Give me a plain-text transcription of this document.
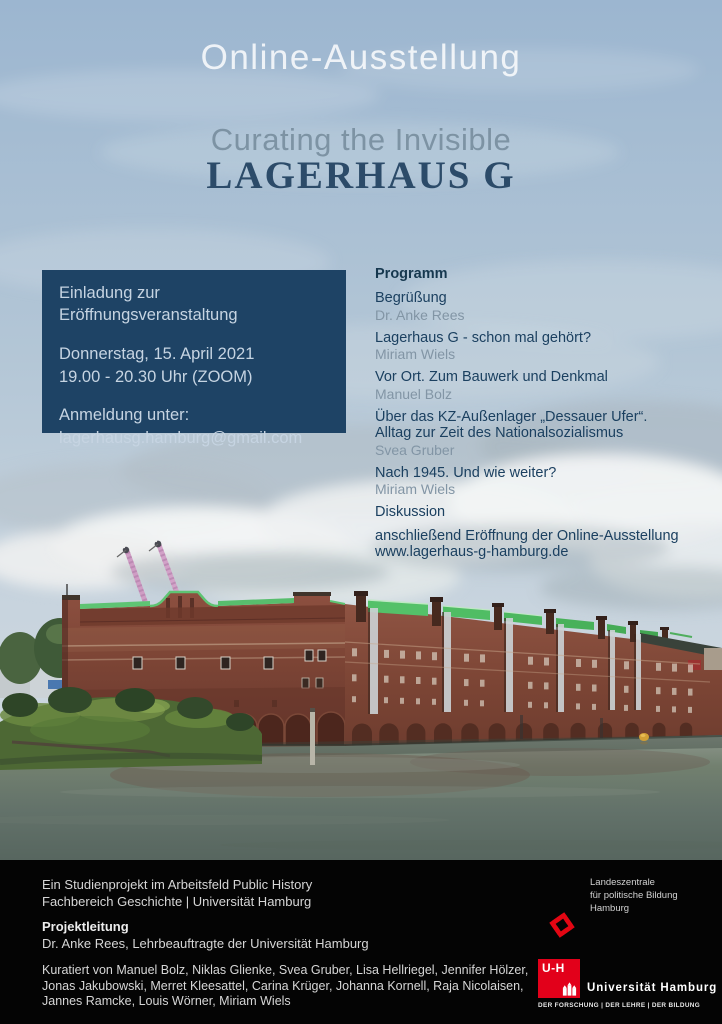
Online-Ausstellung
Curating the Invisible
LAGERHAUS G

Einladung zur Eröffnungsveranstaltung

Donnerstag, 15. April 2021
19.00 - 20.30 Uhr (ZOOM)

Anmeldung unter:
lagerhausg.hamburg@gmail.com

Programm
Begrüßung
Dr. Anke Rees
Lagerhaus G - schon mal gehört?
Miriam Wiels
Vor Ort. Zum Bauwerk und Denkmal
Manuel Bolz
Über das KZ-Außenlager „Dessauer Ufer“.
Alltag zur Zeit des Nationalsozialismus
Svea Gruber
Nach 1945. Und wie weiter?
Miriam Wiels
Diskussion
anschließend Eröffnung der Online-Ausstellung
www.lagerhaus-g-hamburg.de
Ein Studienprojekt im Arbeitsfeld Public History
Fachbereich Geschichte | Universität Hamburg
Projektleitung
Dr. Anke Rees, Lehrbeauftragte der Universität Hamburg
Kuratiert von Manuel Bolz, Niklas Glienke, Svea Gruber, Lisa Hellriegel, Jennifer Hölzer,
Jonas Jakubowski, Merret Kleesattel, Carina Krüger, Johanna Kornell, Raja Nicolaisen,
Jannes Ramcke, Louis Wörner, Miriam Wiels
Landeszentrale
für politische Bildung
Hamburg
U-H
Universität Hamburg
DER FORSCHUNG | DER LEHRE | DER BILDUNG
